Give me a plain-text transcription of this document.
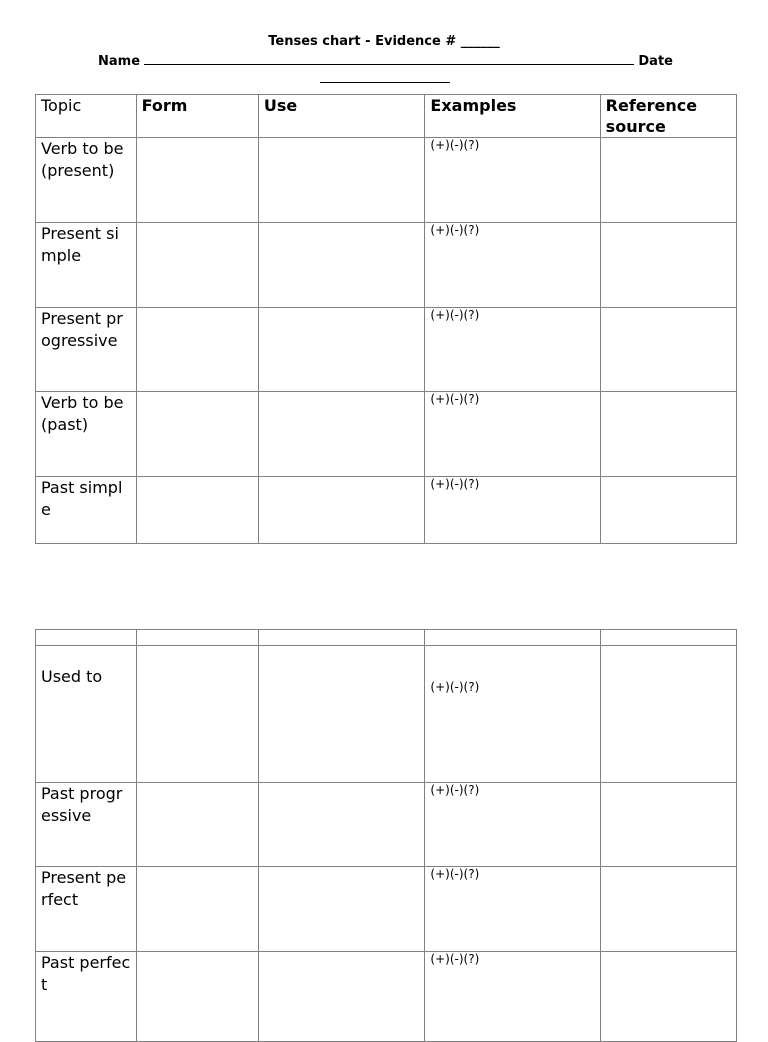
Tenses chart - Evidence # ______
Name	Date
Topic	Form	Use	Examples	Reference source
Verb to be (present)			(+)(-)(?)	
Present simple			(+)(-)(?)	
Present progressive			(+)(-)(?)	
Verb to be (past)			(+)(-)(?)	
Past simple			(+)(-)(?)	

Used to			(+)(-)(?)	
Past progressive			(+)(-)(?)	
Present perfect			(+)(-)(?)	
Past perfect			(+)(-)(?)	
